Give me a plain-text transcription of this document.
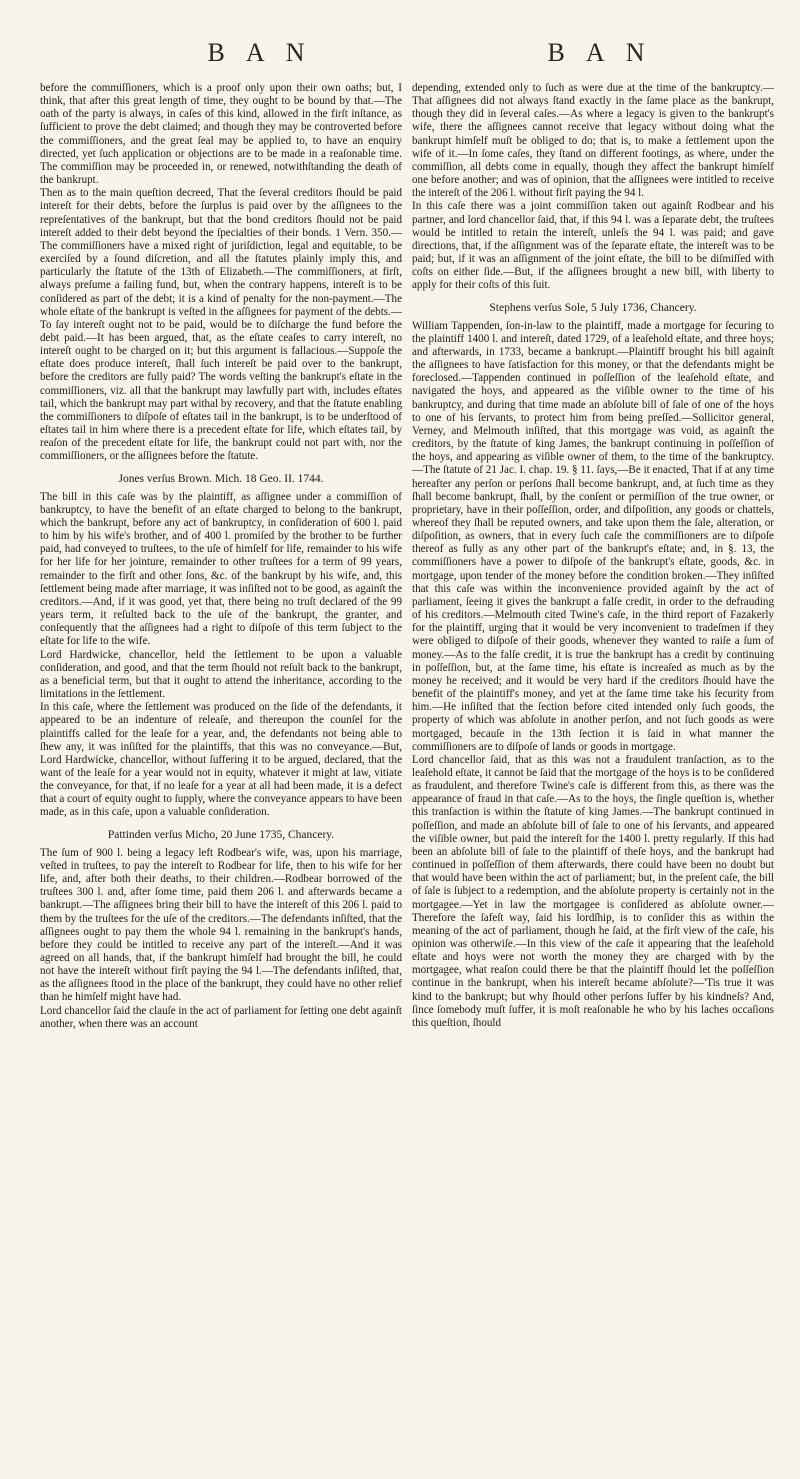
B A N	B A N

before the commiſſioners, which is a proof only upon their own oaths; but, I think, that after this great length of time, they ought to be bound by that.—The oath of the party is always, in caſes of this kind, allowed in the firſt inſtance, as ſufficient to prove the debt claimed; and though they may be controverted before the commiſſioners, and the great ſeal may be applied to, to have an enquiry directed, yet ſuch application or objections are to be made in a reaſonable time. The commiſſion may be proceeded in, or renewed, notwithſtanding the death of the bankrupt.

Then as to the main queſtion decreed, That the ſeveral creditors ſhould be paid intereſt for their debts, before the ſurplus is paid over by the aſſignees to the repreſentatives of the bankrupt, but that the bond creditors ſhould not be paid intereſt added to their debt beyond the ſpecialties of their bonds. 1 Vern. 350.—The commiſſioners have a mixed right of juriſdiction, legal and equitable, to be exerciſed by a ſound diſcretion, and all the ſtatutes plainly imply this, and particularly the ſtatute of the 13th of Elizabeth.—The commiſſioners, at firſt, always preſume a failing fund, but, when the contrary happens, intereſt is to be conſidered as part of the debt; it is a kind of penalty for the non-payment.—The whole eſtate of the bankrupt is veſted in the aſſignees for payment of the debts.—To ſay intereſt ought not to be paid, would be to diſcharge the fund before the debt paid.—It has been argued, that, as the eſtate ceaſes to carry intereſt, no intereſt ought to be charged on it; but this argument is fallacious.—Suppoſe the eſtate does produce intereſt, ſhall ſuch intereſt be paid over to the bankrupt, before the creditors are fully paid? The words veſting the bankrupt's eſtate in the commiſſioners, viz. all that the bankrupt may lawfully part with, includes eſtates tail, which the bankrupt may part withal by recovery, and that the ſtatute enabling the commiſſioners to diſpoſe of eſtates tail in the bankrupt, is to be underſtood of eſtates tail in him where there is a precedent eſtate for life, which eſtates tail, by reaſon of the precedent eſtate for life, the bankrupt could not part with, nor the commiſſioners, or the aſſignees before the ſtatute.

Jones verſus Brown. Mich. 18 Geo. II. 1744.

The bill in this caſe was by the plaintiff, as aſſignee under a commiſſion of bankruptcy, to have the benefit of an eſtate charged to belong to the bankrupt, which the bankrupt, before any act of bankruptcy, in conſideration of 600 l. paid to him by his wife's brother, and of 400 l. promiſed by the brother to be further paid, had conveyed to truſtees, to the uſe of himſelf for life, remainder to his wife for her life for her jointure, remainder to other truſtees for a term of 99 years, remainder to the firſt and other ſons, &c. of the bankrupt by his wife, and, this ſettlement being made after marriage, it was inſiſted not to be good, as againſt the creditors.—And, if it was good, yet that, there being no truſt declared of the 99 years term, it reſulted back to the uſe of the bankrupt, the granter, and conſequently that the aſſignees had a right to diſpoſe of this term ſubject to the eſtate for life to the wife.

Lord Hardwicke, chancellor, held the ſettlement to be upon a valuable conſideration, and good, and that the term ſhould not reſult back to the bankrupt, as a beneficial term, but that it ought to attend the inheritance, according to the limitations in the ſettlement.

In this caſe, where the ſettlement was produced on the ſide of the defendants, it appeared to be an indenture of releaſe, and thereupon the counſel for the plaintiffs called for the leaſe for a year, and, the defendants not being able to ſhew any, it was inſiſted for the plaintiffs, that this was no conveyance.—But, Lord Hardwicke, chancellor, without ſuffering it to be argued, declared, that the want of the leaſe for a year would not in equity, whatever it might at law, vitiate the conveyance, for that, if no leaſe for a year at all had been made, it is a defect that a court of equity ought to ſupply, where the conveyance appears to have been made, as in this caſe, upon a valuable conſideration.

Pattinden verſus Micho, 20 June 1735, Chancery.

The ſum of 900 l. being a legacy left Rodbear's wife, was, upon his marriage, veſted in truſtees, to pay the intereſt to Rodbear for life, then to his wife for her life, and, after both their deaths, to their children.—Rodbear borrowed of the truſtees 300 l. and, after ſome time, paid them 206 l. and afterwards became a bankrupt.—The aſſignees bring their bill to have the intereſt of this 206 l. paid to them by the truſtees for the uſe of the creditors.—The defendants inſiſted, that the aſſignees ought to pay them the whole 94 l. remaining in the bankrupt's hands, before they could be intitled to receive any part of the intereſt.—And it was agreed on all hands, that, if the bankrupt himſelf had brought the bill, he could not have the intereſt without firſt paying the 94 l.—The defendants inſiſted, that, as the aſſignees ſtood in the place of the bankrupt, they could have no other relief than he himſelf might have had.

Lord chancellor ſaid the clauſe in the act of parliament for ſetting one debt againſt another, when there was an account

depending, extended only to ſuch as were due at the time of the bankruptcy.—That aſſignees did not always ſtand exactly in the ſame place as the bankrupt, though they did in ſeveral caſes.—As where a legacy is given to the bankrupt's wife, there the aſſignees cannot receive that legacy without doing what the bankrupt himſelf muſt be obliged to do; that is, to make a ſettlement upon the wife of it.—In ſome caſes, they ſtand on different footings, as where, under the commiſſion, all debts come in equally, though they affect the bankrupt himſelf one before another; and was of opinion, that the aſſignees were intitled to receive the intereſt of the 206 l. without firſt paying the 94 l.

In this caſe there was a joint commiſſion taken out againſt Rodbear and his partner, and lord chancellor ſaid, that, if this 94 l. was a ſeparate debt, the truſtees would be intitled to retain the intereſt, unleſs the 94 l. was paid; and gave directions, that, if the aſſignment was of the ſeparate eſtate, the intereſt was to be paid; but, if it was an aſſignment of the joint eſtate, the bill to be diſmiſſed with coſts on either ſide.—But, if the aſſignees brought a new bill, with liberty to apply for their coſts of this ſuit.

Stephens verſus Sole, 5 July 1736, Chancery.

William Tappenden, ſon-in-law to the plaintiff, made a mortgage for ſecuring to the plaintiff 1400 l. and intereſt, dated 1729, of a leaſehold eſtate, and three hoys; and afterwards, in 1733, became a bankrupt.—Plaintiff brought his bill againſt the aſſignees to have ſatisfaction for this money, or that the defendants might be foreclosed.—Tappenden continued in poſſeſſion of the leaſehold eſtate, and navigated the hoys, and appeared as the viſible owner to the time of his bankruptcy, and during that time made an abſolute bill of ſale of one of the hoys to one of his ſervants, to protect him from being preſſed.—Sollicitor general, Verney, and Melmouth inſiſted, that this mortgage was void, as againſt the creditors, by the ſtatute of king James, the bankrupt continuing in poſſeſſion of the hoys, and appearing as viſible owner of them, to the time of the bankruptcy.—The ſtatute of 21 Jac. I. chap. 19. § 11. ſays,—Be it enacted, That if at any time hereafter any perſon or perſons ſhall become bankrupt, and, at ſuch time as they ſhall become bankrupt, ſhall, by the conſent or permiſſion of the true owner, or proprietary, have in their poſſeſſion, order, and diſpoſition, any goods or chattels, whereof they ſhall be reputed owners, and take upon them the ſale, alteration, or diſpoſition, as owners, that in every ſuch caſe the commiſſioners are to diſpoſe thereof as fully as any other part of the bankrupt's eſtate; and, in §. 13, the commiſſioners have a power to diſpoſe of the bankrupt's eſtate, goods, &c. in mortgage, upon tender of the money before the condition broken.—They inſiſted that this caſe was within the inconvenience provided againſt by the act of parliament, ſeeing it gives the bankrupt a falſe credit, in order to the defrauding of his creditors.—Melmouth cited Twine's caſe, in the third report of Fazakerly for the plaintiff, urging that it would be very inconvenient to tradeſmen if they were obliged to diſpoſe of their goods, whenever they wanted to raiſe a ſum of money.—As to the falſe credit, it is true the bankrupt has a credit by continuing in poſſeſſion, but, at the ſame time, his eſtate is increaſed as much as by the money he received; and it would be very hard if the creditors ſhould have the benefit of the plaintiff's money, and yet at the ſame time take his ſecurity from him.—He inſiſted that the ſection before cited intended only ſuch goods, the property of which was abſolute in another perſon, and not ſuch goods as were mortgaged, becauſe in the 13th ſection it is ſaid in what manner the commiſſioners are to diſpoſe of lands or goods in mortgage.

Lord chancellor ſaid, that as this was not a fraudulent tranſaction, as to the leaſehold eſtate, it cannot be ſaid that the mortgage of the hoys is to be conſidered as fraudulent, and therefore Twine's caſe is different from this, as there was the appearance of fraud in that caſe.—As to the hoys, the ſingle queſtion is, whether this tranſaction is within the ſtatute of king James.—The bankrupt continued in poſſeſſion, and made an abſolute bill of ſale to one of his ſervants, and appeared the viſible owner, but paid the intereſt for the 1400 l. pretty regularly. If this had been an abſolute bill of ſale to the plaintiff of theſe hoys, and the bankrupt had continued in poſſeſſion of them afterwards, there could have been no doubt but that would have been within the act of parliament; but, in the preſent caſe, the bill of ſale is ſubject to a redemption, and the abſolute property is certainly not in the mortgagee.—Yet in law the mortgagee is conſidered as abſolute owner.—Therefore the ſafeſt way, ſaid his lordſhip, is to conſider this as within the meaning of the act of parliament, though he ſaid, at the firſt view of the caſe, his opinion was otherwiſe.—In this view of the caſe it appearing that the leaſehold eſtate and hoys were not worth the money they are charged with by the mortgagee, what reaſon could there be that the plaintiff ſhould let the poſſeſſion continue in the bankrupt, when his intereſt became abſolute?—'Tis true it was kind to the bankrupt; but why ſhould other perſons ſuffer by his kindneſs? And, ſince ſomebody muſt ſuffer, it is moſt reaſonable he who by his laches occaſions this queſtion, ſhould
